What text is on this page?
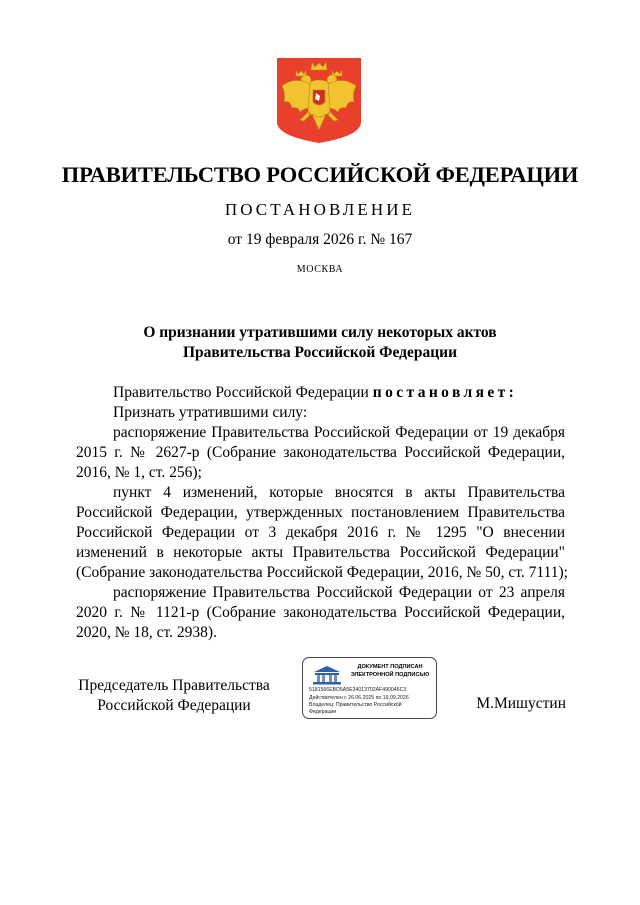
ПРАВИТЕЛЬСТВО РОССИЙСКОЙ ФЕДЕРАЦИИ
ПОСТАНОВЛЕНИЕ
от 19 февраля 2026 г. № 167
МОСКВА
О признании утратившими силу некоторых актов
Правительства Российской Федерации
Правительство Российской Федерации постановляет:
Признать утратившими силу:
распоряжение Правительства Российской Федерации от 19 декабря
2015 г. № 2627-р (Собрание законодательства Российской Федерации,
2016, № 1, ст. 256);
пункт 4 изменений, которые вносятся в акты Правительства
Российской Федерации, утвержденных постановлением Правительства
Российской Федерации от 3 декабря 2016 г. № 1295 "О внесении
изменений в некоторые акты Правительства Российской Федерации"
(Собрание законодательства Российской Федерации, 2016, № 50, ст. 7111);
распоряжение Правительства Российской Федерации от 23 апреля
2020 г. № 1121-р (Собрание законодательства Российской Федерации,
2020, № 18, ст. 2938).
Председатель Правительства
Российской Федерации
ДОКУМЕНТ ПОДПИСАН
ЭЛЕКТРОННОЙ ПОДПИСЬЮ
5181566EBD5A5E34013702AF490046C3
Действителен с 26.06.2025 по 19.09.2026
Владелец: Правительство Российской
Федерации	М.Мишустин
